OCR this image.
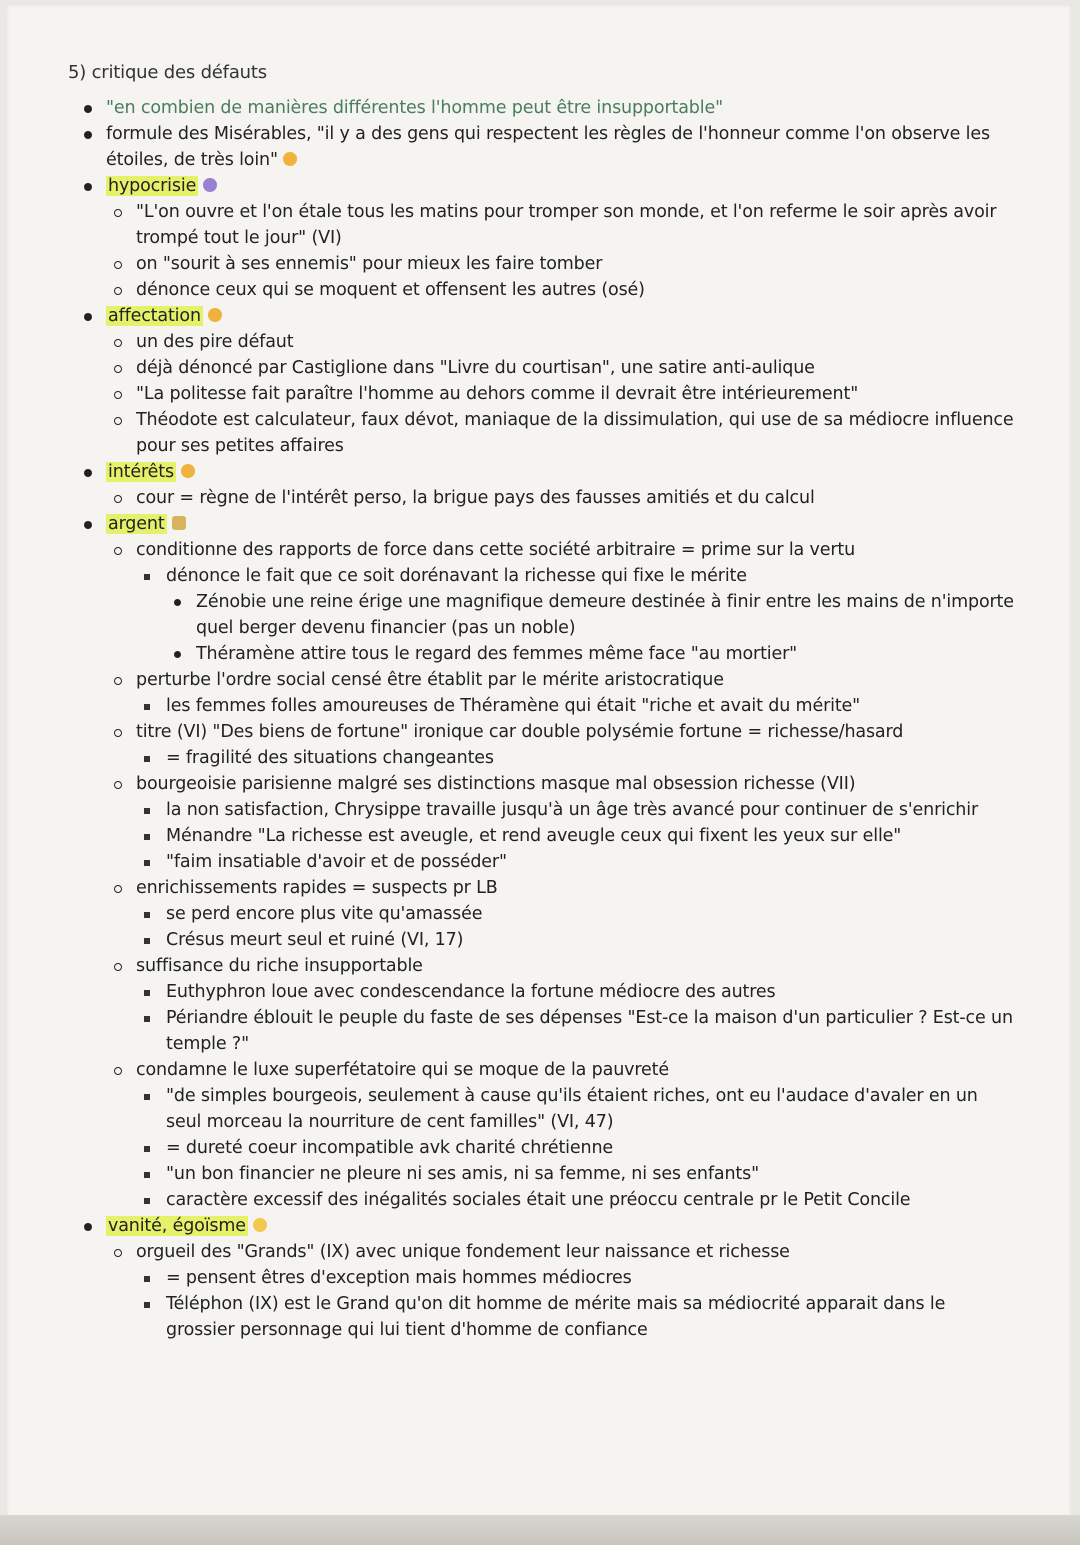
5) critique des défauts
"en combien de manières différentes l'homme peut être insupportable"
formule des Misérables, "il y a des gens qui respectent les règles de l'honneur comme l'on observe les étoiles, de très loin"
hypocrisie
"L'on ouvre et l'on étale tous les matins pour tromper son monde, et l'on referme le soir après avoir trompé tout le jour" (VI)
on "sourit à ses ennemis" pour mieux les faire tomber
dénonce ceux qui se moquent et offensent les autres (osé)
affectation
un des pire défaut
déjà dénoncé par Castiglione dans "Livre du courtisan", une satire anti-aulique
"La politesse fait paraître l'homme au dehors comme il devrait être intérieurement"
Théodote est calculateur, faux dévot, maniaque de la dissimulation, qui use de sa médiocre influence pour ses petites affaires
intérêts
cour = règne de l'intérêt perso, la brigue pays des fausses amitiés et du calcul
argent
conditionne des rapports de force dans cette société arbitraire = prime sur la vertu
dénonce le fait que ce soit dorénavant la richesse qui fixe le mérite
Zénobie une reine érige une magnifique demeure destinée à finir entre les mains de n'importe quel berger devenu financier (pas un noble)
Théramène attire tous le regard des femmes même face "au mortier"
perturbe l'ordre social censé être établit par le mérite aristocratique
les femmes folles amoureuses de Théramène qui était "riche et avait du mérite"
titre (VI) "Des biens de fortune" ironique car double polysémie fortune = richesse/hasard
= fragilité des situations changeantes
bourgeoisie parisienne malgré ses distinctions masque mal obsession richesse (VII)
la non satisfaction, Chrysippe travaille jusqu'à un âge très avancé pour continuer de s'enrichir
Ménandre "La richesse est aveugle, et rend aveugle ceux qui fixent les yeux sur elle"
"faim insatiable d'avoir et de posséder"
enrichissements rapides = suspects pr LB
se perd encore plus vite qu'amassée
Crésus meurt seul et ruiné (VI, 17)
suffisance du riche insupportable
Euthyphron loue avec condescendance la fortune médiocre des autres
Périandre éblouit le peuple du faste de ses dépenses "Est-ce la maison d'un particulier ? Est-ce un temple ?"
condamne le luxe superfétatoire qui se moque de la pauvreté
"de simples bourgeois, seulement à cause qu'ils étaient riches, ont eu l'audace d'avaler en un seul morceau la nourriture de cent familles" (VI, 47)
= dureté coeur incompatible avk charité chrétienne
"un bon financier ne pleure ni ses amis, ni sa femme, ni ses enfants"
caractère excessif des inégalités sociales était une préoccu centrale pr le Petit Concile
vanité, égoïsme
orgueil des "Grands" (IX) avec unique fondement leur naissance et richesse
= pensent êtres d'exception mais hommes médiocres
Téléphon (IX) est le Grand qu'on dit homme de mérite mais sa médiocrité apparait dans le grossier personnage qui lui tient d'homme de confiance
